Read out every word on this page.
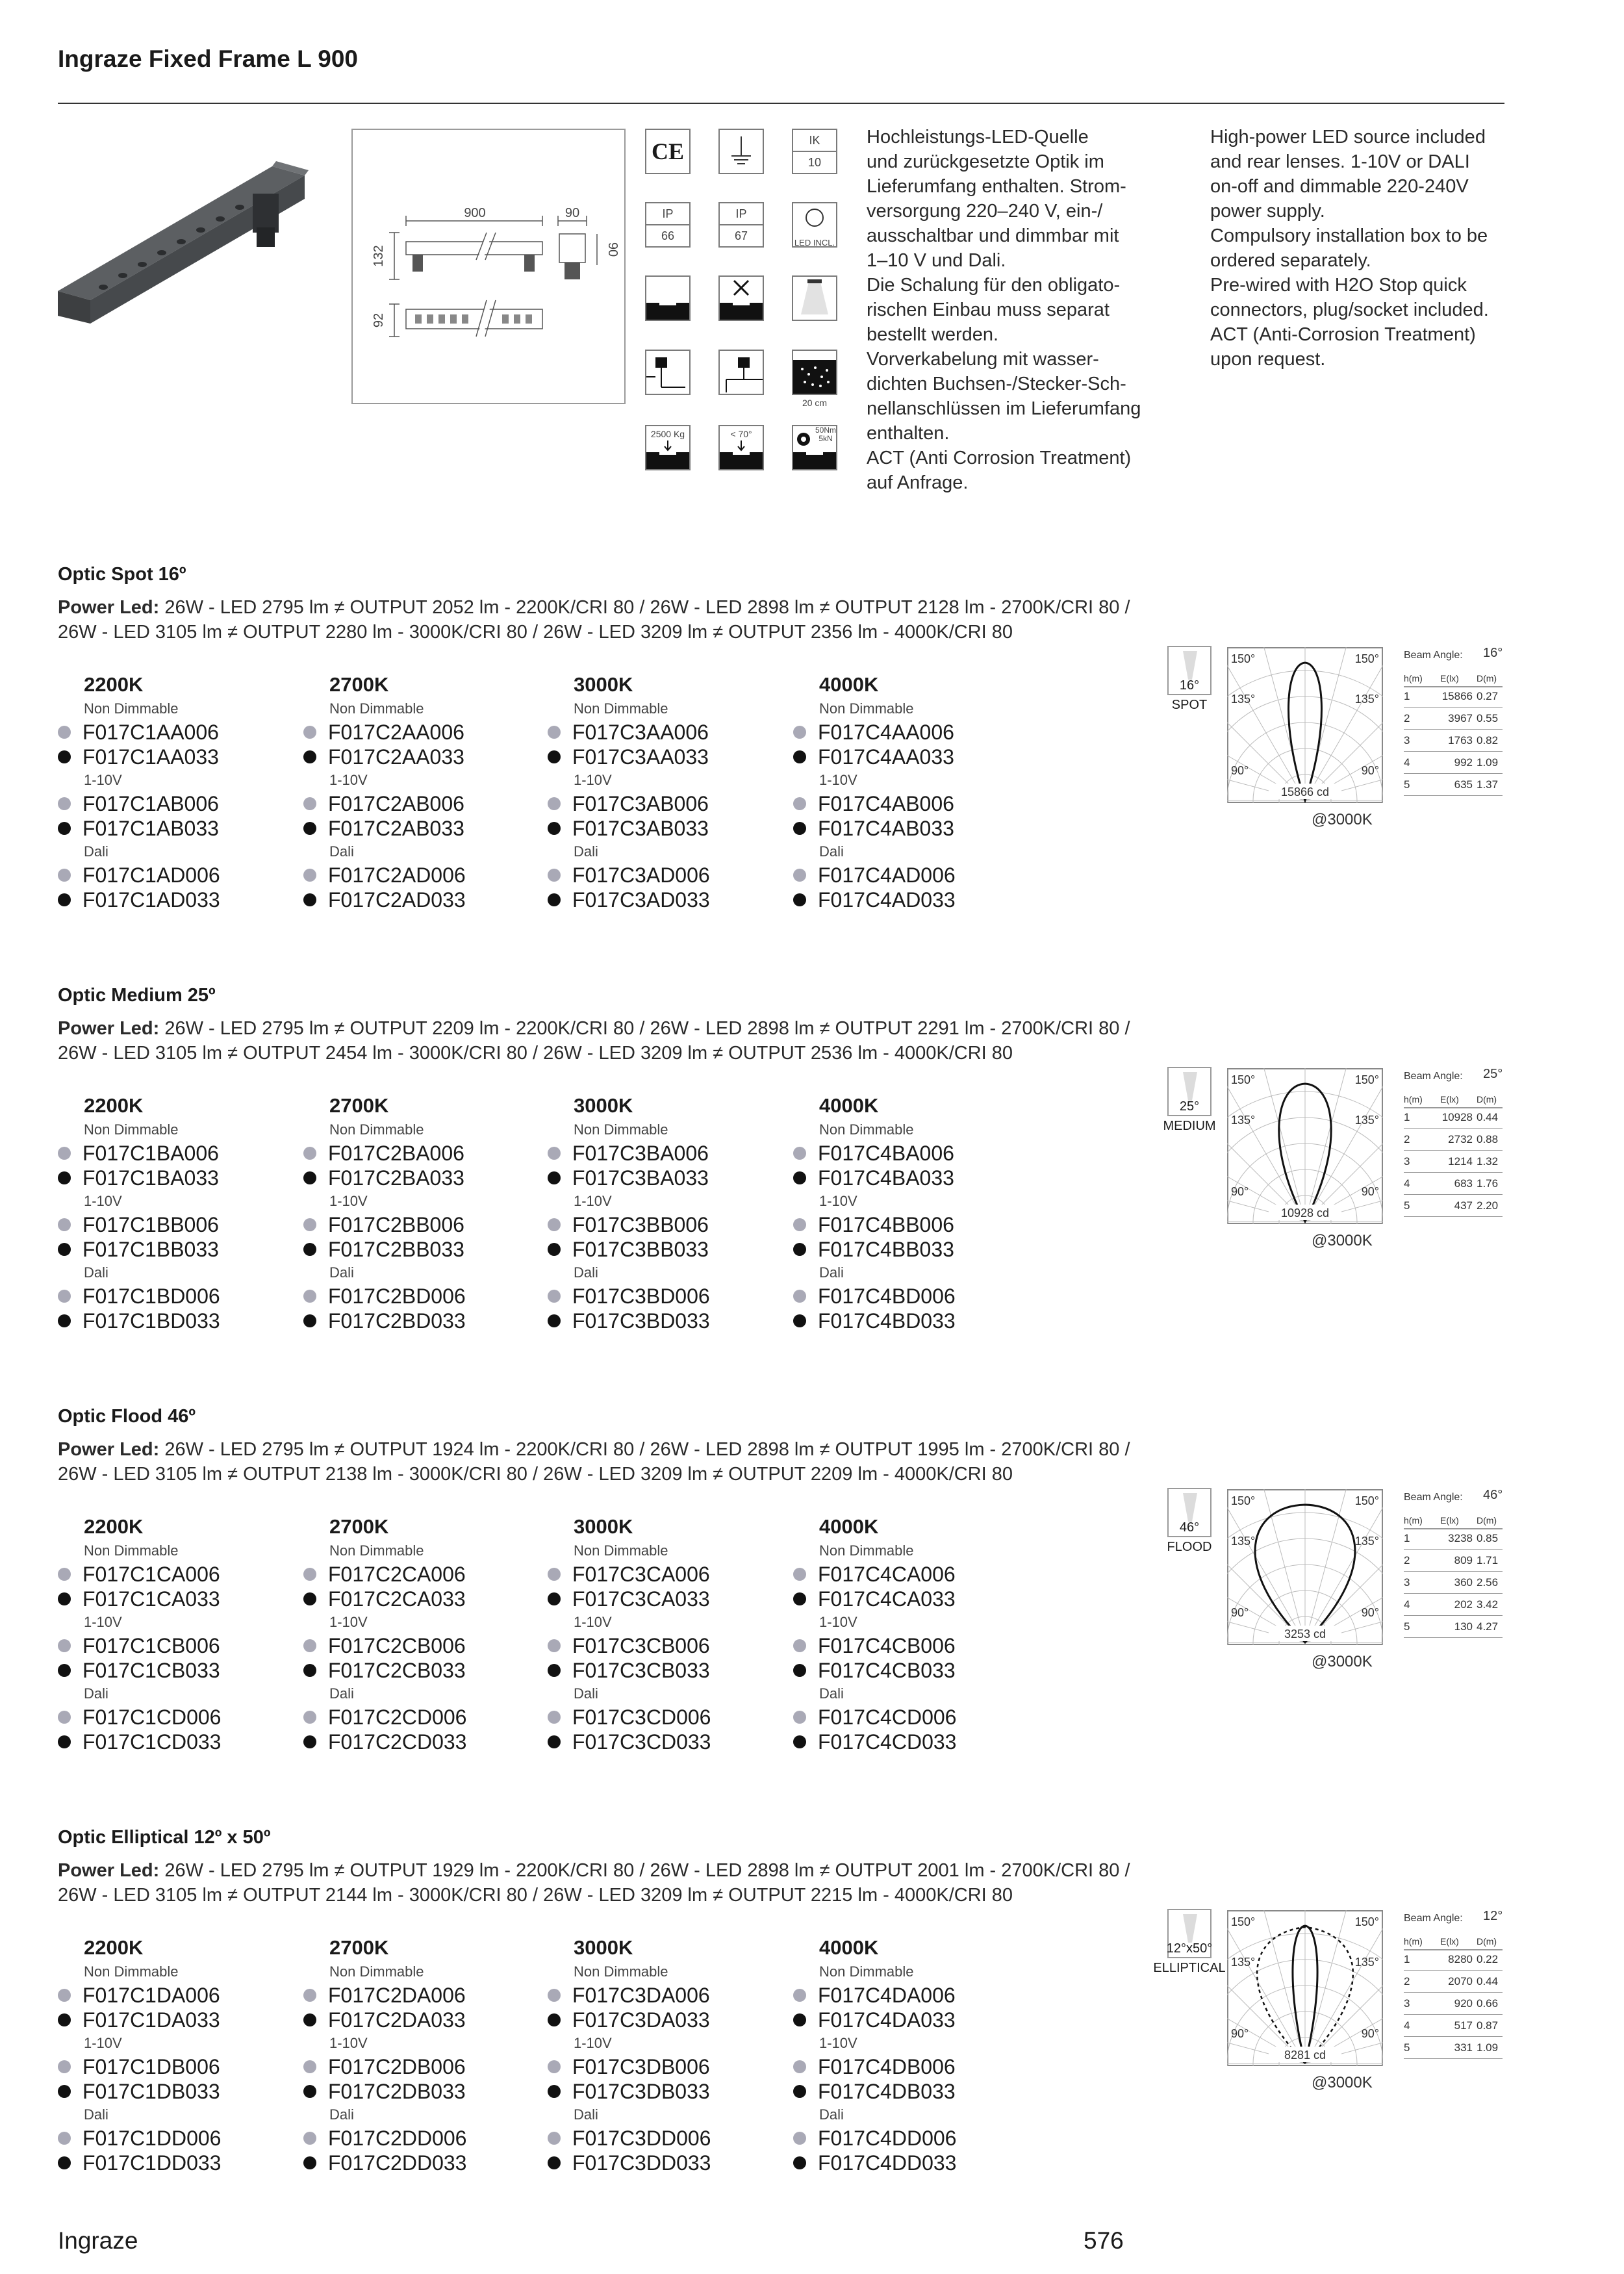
Ingraze Fixed Frame L 900
900	90
132	90
92
CE	IK
10
IP
66
IP
67
LED INCL.
20 cm
2500 Kg	< 70°	50Nm
5kN

Hochleistungs-LED-Quelle

und zurückgesetzte Optik im

Lieferumfang enthalten. Strom-

versorgung 220–240 V, ein-/

ausschaltbar und dimmbar mit

1–10 V und Dali.

Die Schalung für den obligato-

rischen Einbau muss separat

bestellt werden.

Vorverkabelung mit wasser-

dichten Buchsen-/Stecker-Sch-

nellanschlüssen im Lieferumfang

enthalten.

ACT (Anti Corrosion Treatment)

auf Anfrage.

High-power LED source included

and rear lenses. 1-10V or DALI

on-off and dimmable 220-240V

power supply.

Compulsory installation box to be

ordered separately.

Pre-wired with H2O Stop quick

connectors, plug/socket included.

ACT (Anti-Corrosion Treatment)

upon request.

Optic Spot 16º
Power Led: 26W - LED 2795 lm ≠ OUTPUT 2052 lm - 2200K/CRI 80 / 26W - LED 2898 lm ≠ OUTPUT 2128 lm - 2700K/CRI 80 /
26W - LED 3105 lm ≠ OUTPUT 2280 lm - 3000K/CRI 80 / 26W - LED 3209 lm ≠ OUTPUT 2356 lm - 4000K/CRI 80
2200K
Non Dimmable
F017C1AA006
F017C1AA033
1-10V
F017C1AB006
F017C1AB033
Dali
F017C1AD006
F017C1AD033
2700K
Non Dimmable
F017C2AA006
F017C2AA033
1-10V
F017C2AB006
F017C2AB033
Dali
F017C2AD006
F017C2AD033
3000K
Non Dimmable
F017C3AA006
F017C3AA033
1-10V
F017C3AB006
F017C3AB033
Dali
F017C3AD006
F017C3AD033
4000K
Non Dimmable
F017C4AA006
F017C4AA033
1-10V
F017C4AB006
F017C4AB033
Dali
F017C4AD006
F017C4AD033
16°
SPOT
150°	150°
135°	135°
90°	90°
15866 cd
@3000K
Beam Angle: 16°
h(m) E(lx) D(m)
1	15866 0.27
2	3967 0.55
3	1763 0.82
4	992 1.09
5	635 1.37
Optic Medium 25º
Power Led: 26W - LED 2795 lm ≠ OUTPUT 2209 lm - 2200K/CRI 80 / 26W - LED 2898 lm ≠ OUTPUT 2291 lm - 2700K/CRI 80 /
26W - LED 3105 lm ≠ OUTPUT 2454 lm - 3000K/CRI 80 / 26W - LED 3209 lm ≠ OUTPUT 2536 lm - 4000K/CRI 80
2200K
Non Dimmable
F017C1BA006
F017C1BA033
1-10V
F017C1BB006
F017C1BB033
Dali
F017C1BD006
F017C1BD033
2700K
Non Dimmable
F017C2BA006
F017C2BA033
1-10V
F017C2BB006
F017C2BB033
Dali
F017C2BD006
F017C2BD033
3000K
Non Dimmable
F017C3BA006
F017C3BA033
1-10V
F017C3BB006
F017C3BB033
Dali
F017C3BD006
F017C3BD033
4000K
Non Dimmable
F017C4BA006
F017C4BA033
1-10V
F017C4BB006
F017C4BB033
Dali
F017C4BD006
F017C4BD033
25°
MEDIUM
150°	150°
135°	135°
90°	90°
10928 cd
@3000K
Beam Angle: 25°
h(m) E(lx) D(m)
1	10928 0.44
2	2732 0.88
3	1214 1.32
4	683 1.76
5	437 2.20
Optic Flood 46º
Power Led: 26W - LED 2795 lm ≠ OUTPUT 1924 lm - 2200K/CRI 80 / 26W - LED 2898 lm ≠ OUTPUT 1995 lm - 2700K/CRI 80 /
26W - LED 3105 lm ≠ OUTPUT 2138 lm - 3000K/CRI 80 / 26W - LED 3209 lm ≠ OUTPUT 2209 lm - 4000K/CRI 80
2200K
Non Dimmable
F017C1CA006
F017C1CA033
1-10V
F017C1CB006
F017C1CB033
Dali
F017C1CD006
F017C1CD033
2700K
Non Dimmable
F017C2CA006
F017C2CA033
1-10V
F017C2CB006
F017C2CB033
Dali
F017C2CD006
F017C2CD033
3000K
Non Dimmable
F017C3CA006
F017C3CA033
1-10V
F017C3CB006
F017C3CB033
Dali
F017C3CD006
F017C3CD033
4000K
Non Dimmable
F017C4CA006
F017C4CA033
1-10V
F017C4CB006
F017C4CB033
Dali
F017C4CD006
F017C4CD033
46°
FLOOD
150°	150°
135°	135°
90°	90°
3253 cd
@3000K
Beam Angle: 46°
h(m) E(lx) D(m)
1	3238 0.85
2	809 1.71
3	360 2.56
4	202 3.42
5	130 4.27
Optic Elliptical 12º x 50º
Power Led: 26W - LED 2795 lm ≠ OUTPUT 1929 lm - 2200K/CRI 80 / 26W - LED 2898 lm ≠ OUTPUT 2001 lm - 2700K/CRI 80 /
26W - LED 3105 lm ≠ OUTPUT 2144 lm - 3000K/CRI 80 / 26W - LED 3209 lm ≠ OUTPUT 2215 lm - 4000K/CRI 80
2200K
Non Dimmable
F017C1DA006
F017C1DA033
1-10V
F017C1DB006
F017C1DB033
Dali
F017C1DD006
F017C1DD033
2700K
Non Dimmable
F017C2DA006
F017C2DA033
1-10V
F017C2DB006
F017C2DB033
Dali
F017C2DD006
F017C2DD033
3000K
Non Dimmable
F017C3DA006
F017C3DA033
1-10V
F017C3DB006
F017C3DB033
Dali
F017C3DD006
F017C3DD033
4000K
Non Dimmable
F017C4DA006
F017C4DA033
1-10V
F017C4DB006
F017C4DB033
Dali
F017C4DD006
F017C4DD033
12°x50°
ELLIPTICAL
150°	150°
135°	135°
90°	90°
8281 cd
@3000K
Beam Angle: 12°
h(m) E(lx) D(m)
1	8280 0.22
2	2070 0.44
3	920 0.66
4	517 0.87
5	331 1.09
Ingraze	576
